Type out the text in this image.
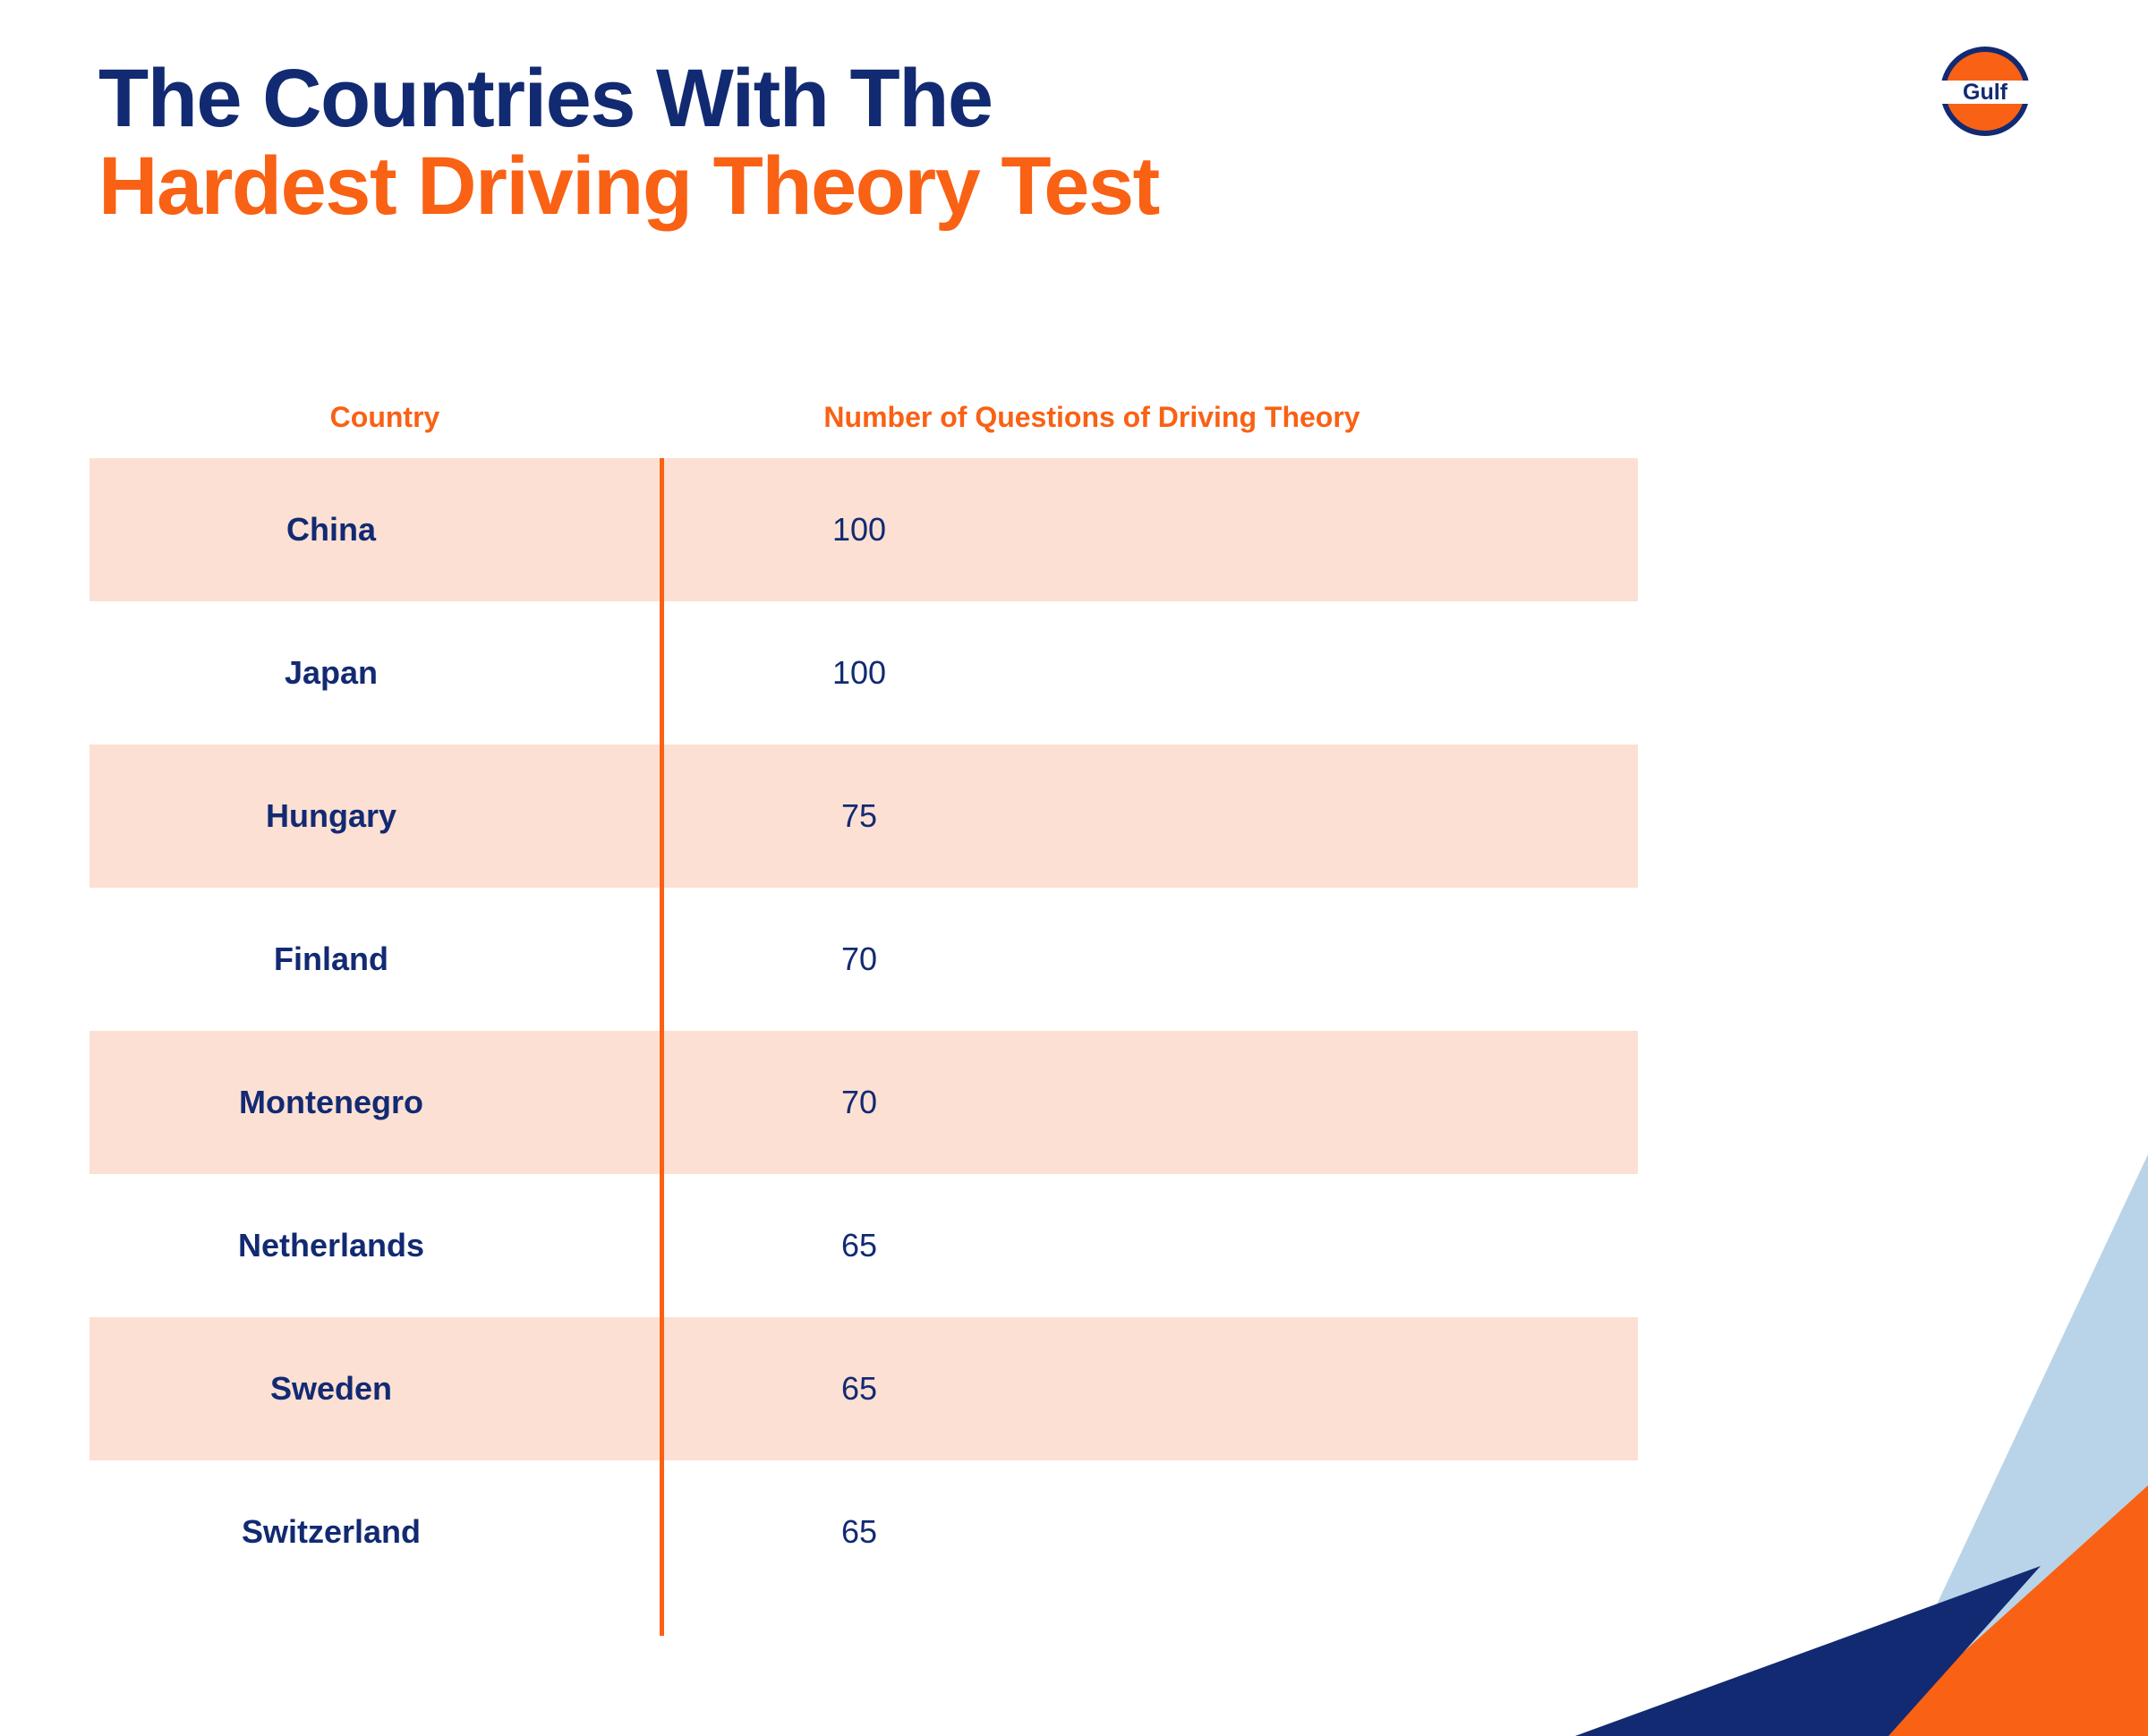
The Countries With The
Hardest Driving Theory Test
Gulf
Country	Number of Questions of Driving Theory
China	100
Japan	100
Hungary	75
Finland	70
Montenegro	70
Netherlands	65
Sweden	65
Switzerland	65
